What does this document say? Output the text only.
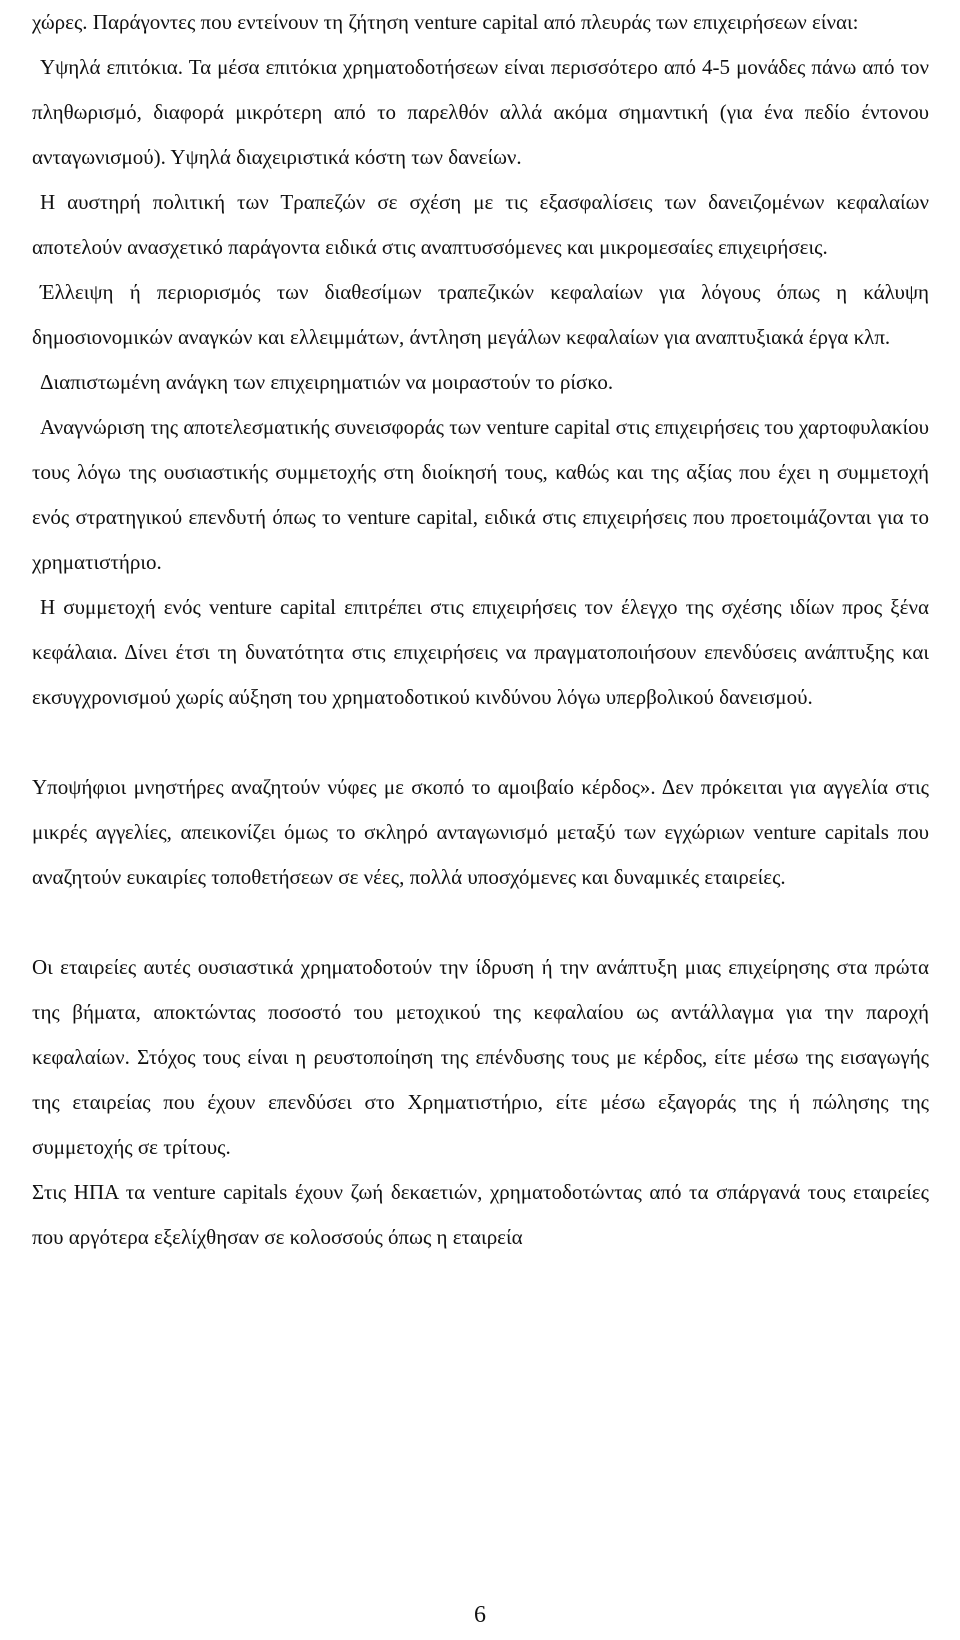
χώρες. Παράγοντες που εντείνουν τη ζήτηση venture capital από πλευράς των επιχειρήσεων είναι:

Υψηλά επιτόκια. Τα μέσα επιτόκια χρηματοδοτήσεων είναι περισσότερο από 4-5 μονάδες πάνω από τον πληθωρισμό, διαφορά μικρότερη από το παρελθόν αλλά ακόμα σημαντική (για ένα πεδίο έντονου ανταγωνισμού). Υψηλά διαχειριστικά κόστη των δανείων.

Η αυστηρή πολιτική των Τραπεζών σε σχέση με τις εξασφαλίσεις των δανειζομένων κεφαλαίων αποτελούν ανασχετικό παράγοντα ειδικά στις αναπτυσσόμενες και μικρομεσαίες επιχειρήσεις.

Έλλειψη ή περιορισμός των διαθεσίμων τραπεζικών κεφαλαίων για λόγους όπως η κάλυψη δημοσιονομικών αναγκών και ελλειμμάτων, άντληση μεγάλων κεφαλαίων για αναπτυξιακά έργα κλπ.

Διαπιστωμένη ανάγκη των επιχειρηματιών να μοιραστούν το ρίσκο.

Αναγνώριση της αποτελεσματικής συνεισφοράς των venture capital στις επιχειρήσεις του χαρτοφυλακίου τους λόγω της ουσιαστικής συμμετοχής στη διοίκησή τους, καθώς και της αξίας που έχει η συμμετοχή ενός στρατηγικού επενδυτή όπως το venture capital, ειδικά στις επιχειρήσεις που προετοιμάζονται για το χρηματιστήριο.

Η συμμετοχή ενός venture capital επιτρέπει στις επιχειρήσεις τον έλεγχο της σχέσης ιδίων προς ξένα κεφάλαια. Δίνει έτσι τη δυνατότητα στις επιχειρήσεις να πραγματοποιήσουν επενδύσεις ανάπτυξης και εκσυγχρονισμού χωρίς αύξηση του χρηματοδοτικού κινδύνου λόγω υπερβολικού δανεισμού.

Υποψήφιοι μνηστήρες αναζητούν νύφες με σκοπό το αμοιβαίο κέρδος». Δεν πρόκειται για αγγελία στις μικρές αγγελίες, απεικονίζει όμως το σκληρό ανταγωνισμό μεταξύ των εγχώριων venture capitals που αναζητούν ευκαιρίες τοποθετήσεων σε νέες, πολλά υποσχόμενες και δυναμικές εταιρείες.

Οι εταιρείες αυτές ουσιαστικά χρηματοδοτούν την ίδρυση ή την ανάπτυξη μιας επιχείρησης στα πρώτα της βήματα, αποκτώντας ποσοστό του μετοχικού της κεφαλαίου ως αντάλλαγμα για την παροχή κεφαλαίων. Στόχος τους είναι η ρευστοποίηση της επένδυσης τους με κέρδος, είτε μέσω της εισαγωγής της εταιρείας που έχουν επενδύσει στο Χρηματιστήριο, είτε μέσω εξαγοράς της ή πώλησης της συμμετοχής σε τρίτους.

Στις ΗΠΑ τα venture capitals έχουν ζωή δεκαετιών, χρηματοδοτώντας από τα σπάργανά τους εταιρείες που αργότερα εξελίχθησαν σε κολοσσούς όπως η εταιρεία

6
